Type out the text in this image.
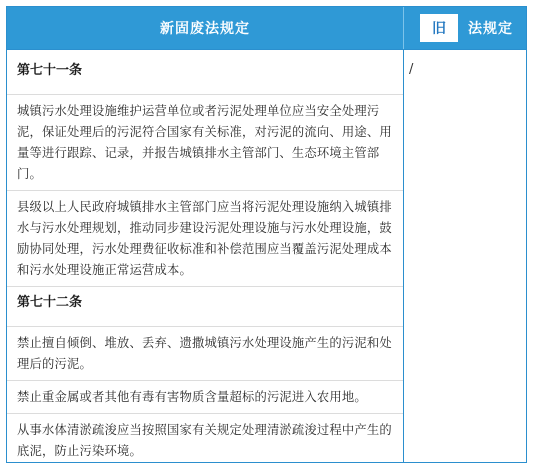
新固废法规定	旧	法规定
第七十一条

城镇污水处理设施维护运营单位或者污泥处理单位应当安全处理污泥，保证处理后的污泥符合国家有关标准，对污泥的流向、用途、用量等进行跟踪、记录，并报告城镇排水主管部门、生态环境主管部门。

县级以上人民政府城镇排水主管部门应当将污泥处理设施纳入城镇排水与污水处理规划，推动同步建设污泥处理设施与污水处理设施，鼓励协同处理，污水处理费征收标准和补偿范围应当覆盖污泥处理成本和污水处理设施正常运营成本。

第七十二条

禁止擅自倾倒、堆放、丢弃、遗撒城镇污水处理设施产生的污泥和处理后的污泥。

禁止重金属或者其他有毒有害物质含量超标的污泥进入农用地。

从事水体清淤疏浚应当按照国家有关规定处理清淤疏浚过程中产生的底泥，防止污染环境。

/
